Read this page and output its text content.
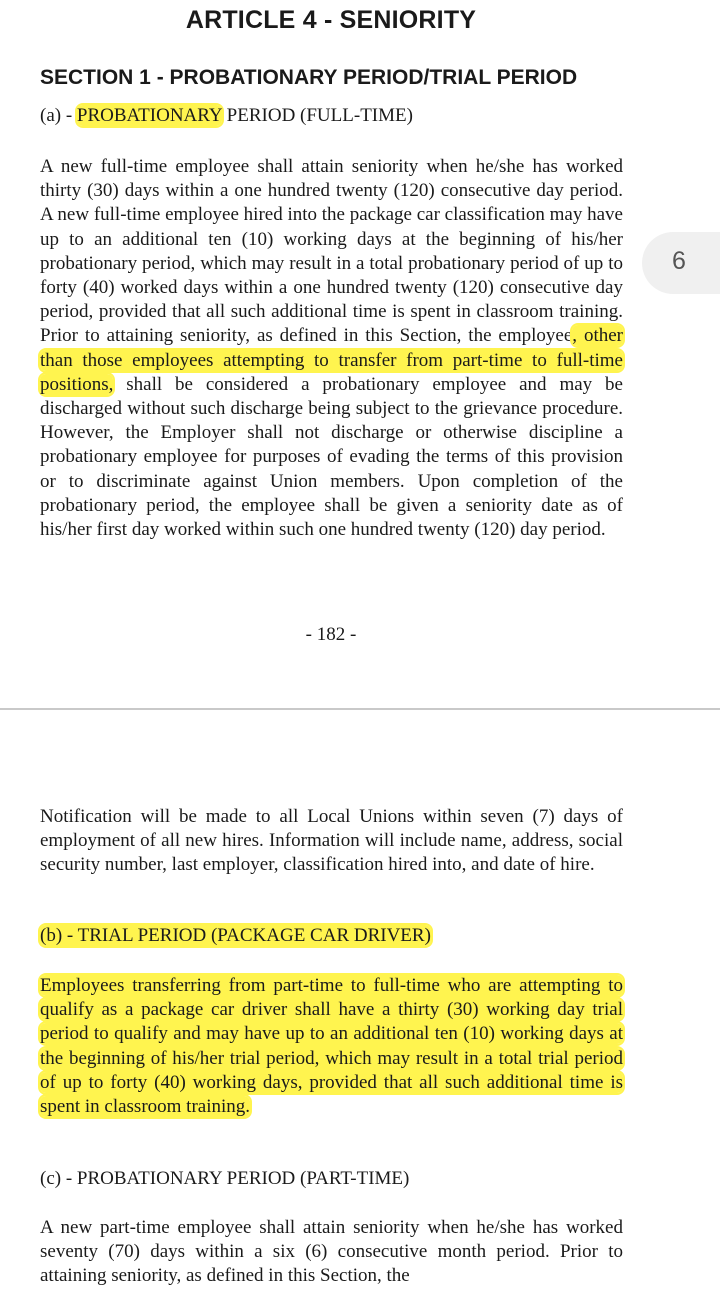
ARTICLE 4 - SENIORITY
SECTION 1 - PROBATIONARY PERIOD/TRIAL PERIOD

(a) - PROBATIONARY PERIOD (FULL-TIME)

A new full-time employee shall attain seniority when he/she has worked thirty (30) days within a one hundred twenty (120) consecutive day period. A new full-time employee hired into the package car classification may have up to an additional ten (10) working days at the beginning of his/her probationary period, which may result in a total probationary period of up to forty (40) worked days within a one hundred twenty (120) consecutive day period, provided that all such additional time is spent in classroom training. Prior to attaining seniority, as defined in this Section, the employee, other than those employees attempting to transfer from part-time to full-time positions, shall be considered a probationary employee and may be discharged without such discharge being subject to the grievance procedure. However, the Employer shall not discharge or otherwise discipline a probationary employee for purposes of evading the terms of this provision or to discriminate against Union members. Upon completion of the probationary period, the employee shall be given a seniority date as of his/her first day worked within such one hundred twenty (120) day period.

- 182 -

6

Notification will be made to all Local Unions within seven (7) days of employment of all new hires. Information will include name, address, social security number, last employer, classification hired into, and date of hire.

(b) - TRIAL PERIOD (PACKAGE CAR DRIVER)

Employees transferring from part-time to full-time who are attempting to qualify as a package car driver shall have a thirty (30) working day trial period to qualify and may have up to an additional ten (10) working days at the beginning of his/her trial period, which may result in a total trial period of up to forty (40) working days, provided that all such additional time is spent in classroom training.

(c) - PROBATIONARY PERIOD (PART-TIME)

A new part-time employee shall attain seniority when he/she has worked seventy (70) days within a six (6) consecutive month period. Prior to attaining seniority, as defined in this Section, the
